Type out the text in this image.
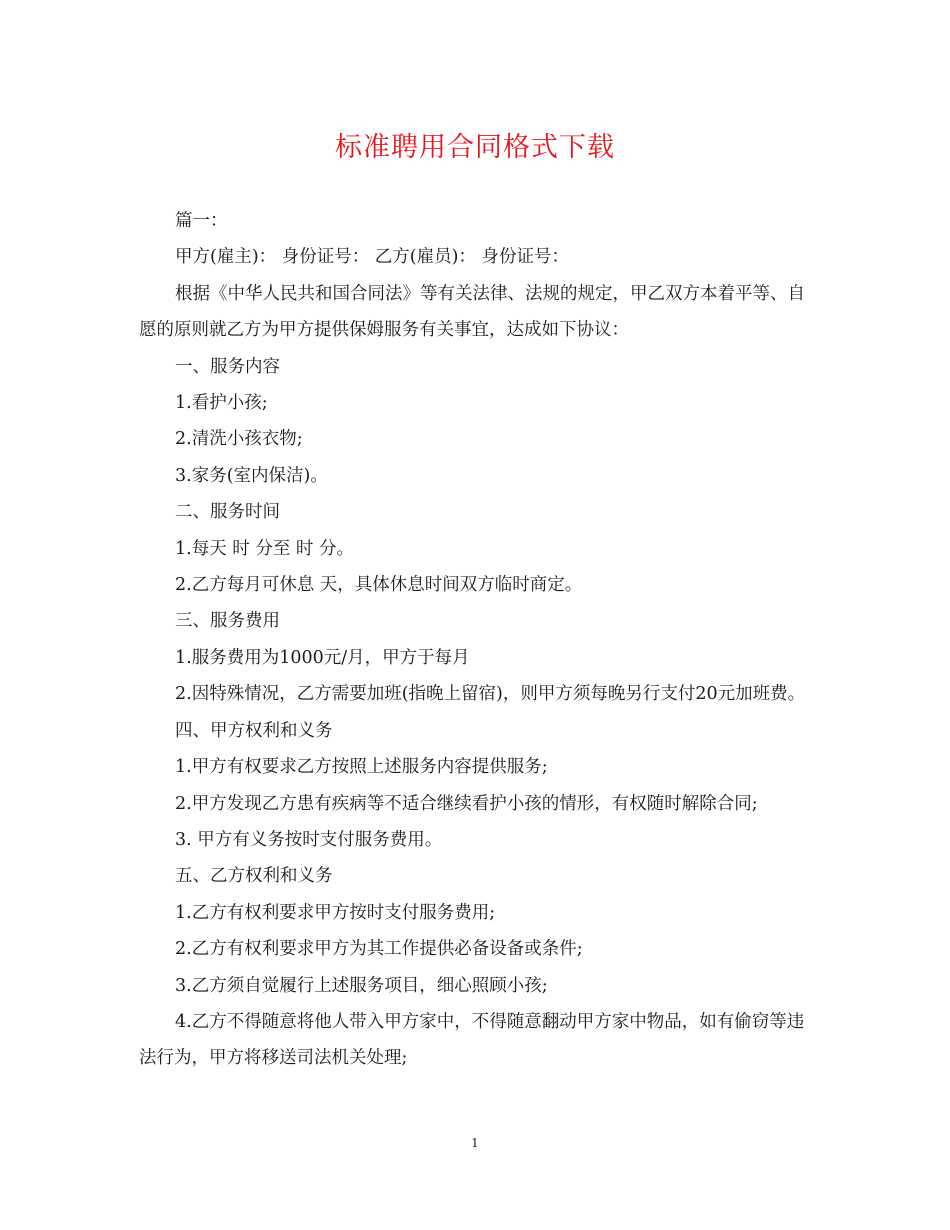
标准聘用合同格式下载

篇一：

甲方(雇主)： 身份证号： 乙方(雇员)： 身份证号：

根据《中华人民共和国合同法》等有关法律、法规的规定，甲乙双方本着平等、自愿的原则就乙方为甲方提供保姆服务有关事宜，达成如下协议：

一、服务内容

1.看护小孩;

2.清洗小孩衣物;

3.家务(室内保洁)。

二、服务时间

1.每天 时 分至 时 分。

2.乙方每月可休息 天，具体休息时间双方临时商定。

三、服务费用

1.服务费用为1000元/月，甲方于每月

2.因特殊情况，乙方需要加班(指晚上留宿)，则甲方须每晚另行支付20元加班费。

四、甲方权利和义务

1.甲方有权要求乙方按照上述服务内容提供服务;

2.甲方发现乙方患有疾病等不适合继续看护小孩的情形，有权随时解除合同;

3. 甲方有义务按时支付服务费用。

五、乙方权利和义务

1.乙方有权利要求甲方按时支付服务费用;

2.乙方有权利要求甲方为其工作提供必备设备或条件;

3.乙方须自觉履行上述服务项目，细心照顾小孩;

4.乙方不得随意将他人带入甲方家中，不得随意翻动甲方家中物品，如有偷窃等违法行为，甲方将移送司法机关处理;

1
